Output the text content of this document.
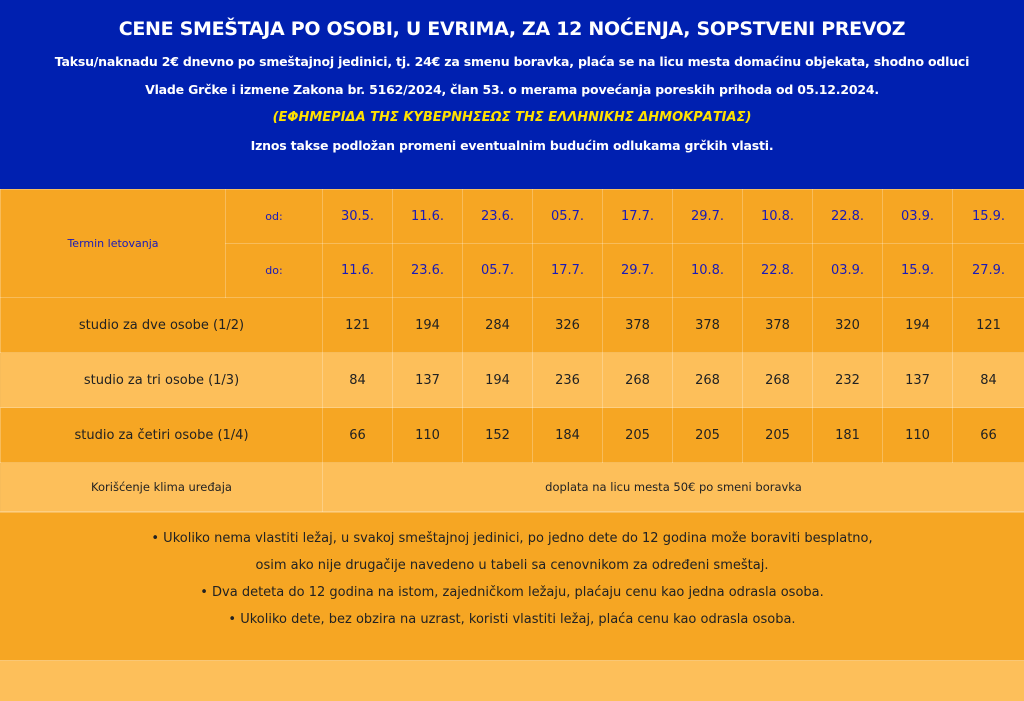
CENE SMEŠTAJA PO OSOBI, U EVRIMA, ZA 12 NOĆENJA, SOPSTVENI PREVOZ
Taksu/naknadu 2€ dnevno po smeštajnoj jedinici, tj. 24€ za smenu boravka, plaća se na licu mesta domaćinu objekata, shodno odluci
Vlade Grčke i izmene Zakona br. 5162/2024, član 53. o merama povećanja poreskih prihoda od 05.12.2024.
(ΕΦΗΜΕΡΙΔΑ ΤΗΣ ΚΥΒΕΡΝΗΣΕΩΣ ΤΗΣ ΕΛΛΗΝΙΚΗΣ ΔΗΜΟΚΡΑΤΙΑΣ)
Iznos takse podložan promeni eventualnim budućim odlukama grčkih vlasti.
Termin letovanja	od:	30.5.	11.6.	23.6.	05.7.	17.7.	29.7.	10.8.	22.8.	03.9.	15.9.
	do:	11.6.	23.6.	05.7.	17.7.	29.7.	10.8.	22.8.	03.9.	15.9.	27.9.
studio za dve osobe (1/2)		121	194	284	326	378	378	378	320	194	121
studio za tri osobe (1/3)		84	137	194	236	268	268	268	232	137	84
studio za četiri osobe (1/4)		66	110	152	184	205	205	205	181	110	66
Korišćenje klima uređaja		doplata na licu mesta 50€ po smeni boravka									

• Ukoliko nema vlastiti ležaj, u svakoj smeštajnoj jedinici, po jedno dete do 12 godina može boraviti besplatno,

osim ako nije drugačije navedeno u tabeli sa cenovnikom za određeni smeštaj.

• Dva deteta do 12 godina na istom, zajedničkom ležaju, plaćaju cenu kao jedna odrasla osoba.

• Ukoliko dete, bez obzira na uzrast, koristi vlastiti ležaj, plaća cenu kao odrasla osoba.
